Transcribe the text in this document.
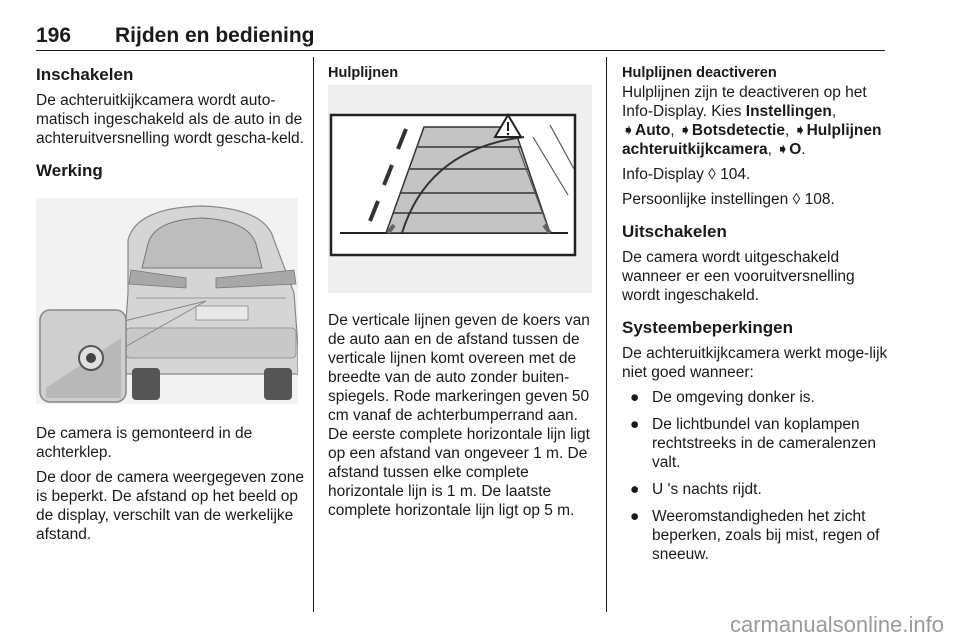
196 Rijden en bediening
Inschakelen

De achteruitkijkcamera wordt auto-matisch ingeschakeld als de auto in de achteruitversnelling wordt gescha-keld.

Werking

De camera is gemonteerd in de achterklep.

De door de camera weergegeven zone is beperkt. De afstand op het beeld op de display, verschilt van de werkelijke afstand.

Hulplijnen

De verticale lijnen geven de koers van de auto aan en de afstand tussen de verticale lijnen komt overeen met de breedte van de auto zonder buiten-spiegels. Rode markeringen geven 50 cm vanaf de achterbumperrand aan. De eerste complete horizontale lijn ligt op een afstand van ongeveer 1 m. De afstand tussen elke complete horizontale lijn is 1 m. De laatste complete horizontale lijn ligt op 5 m.

Hulplijnen deactiveren

Hulplijnen zijn te deactiveren op het Info-Display. Kies Instellingen, ➧Auto, ➧Botsdetectie, ➧Hulplijnen achteruitkijkcamera, ➧O.

Info-Display ◊ 104.

Persoonlijke instellingen ◊ 108.

Uitschakelen

De camera wordt uitgeschakeld wanneer er een vooruitversnelling wordt ingeschakeld.

Systeembeperkingen

De achteruitkijkcamera werkt moge-lijk niet goed wanneer:

● De omgeving donker is.
● De lichtbundel van koplampen rechtstreeks in de cameralenzen valt.
● U 's nachts rijdt.
● Weeromstandigheden het zicht beperken, zoals bij mist, regen of sneeuw.
carmanualsonline.info
